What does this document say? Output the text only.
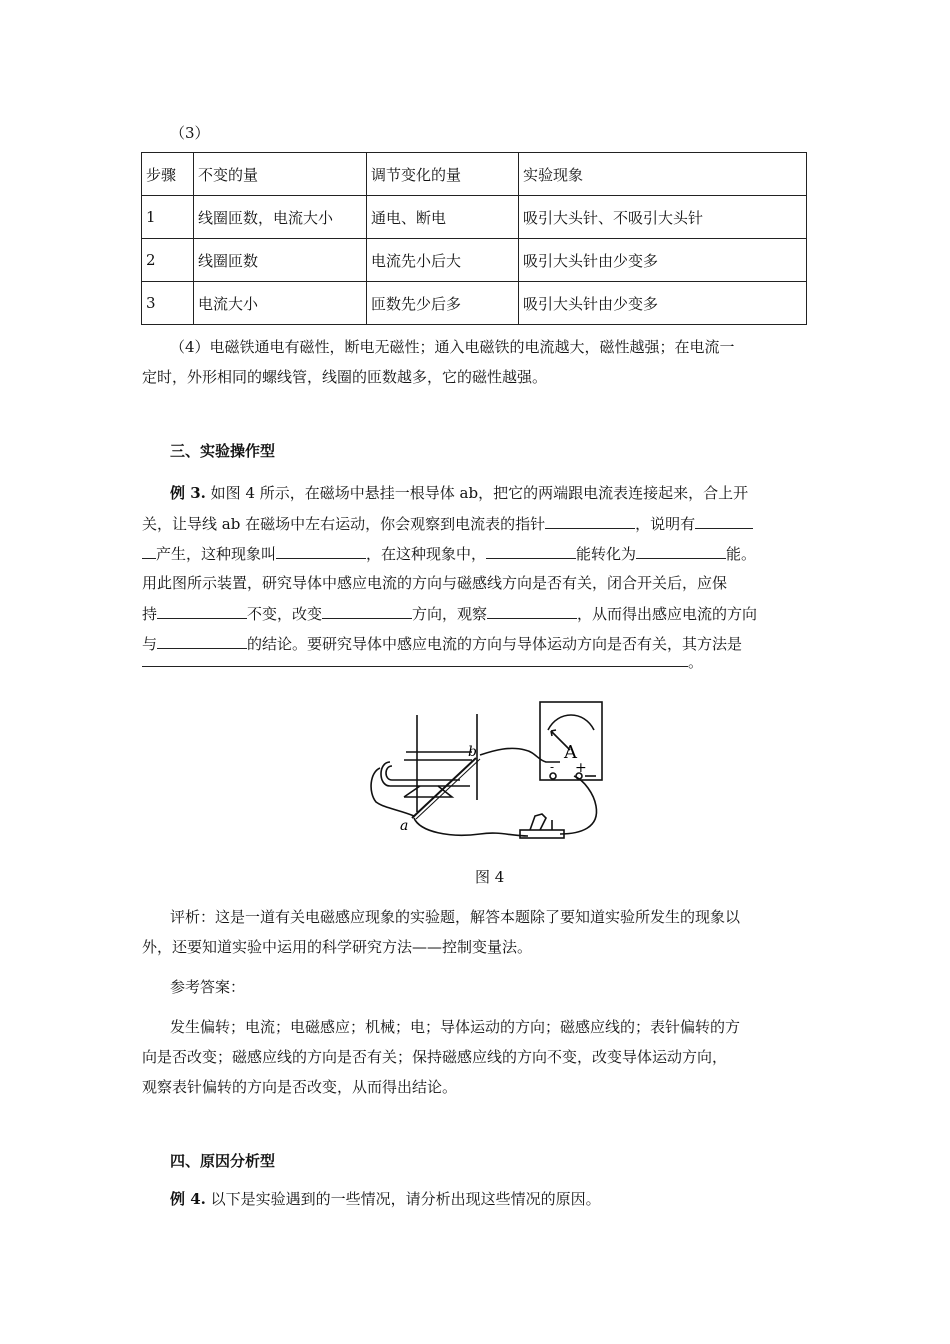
（3）
步骤	不变的量	调节变化的量	实验现象
1	线圈匝数，电流大小	通电、断电	吸引大头针、不吸引大头针
2	线圈匝数	电流先小后大	吸引大头针由少变多
3	电流大小	匝数先少后多	吸引大头针由少变多
（4）电磁铁通电有磁性，断电无磁性；通入电磁铁的电流越大，磁性越强；在电流一
定时，外形相同的螺线管，线圈的匝数越多，它的磁性越强。
三、实验操作型
例 3. 如图 4 所示，在磁场中悬挂一根导体 ab，把它的两端跟电流表连接起来，合上开
关，让导线 ab 在磁场中左右运动，你会观察到电流表的指针	，说明有
产生，这种现象叫	，在这种现象中，	能转化为	能。
用此图所示装置，研究导体中感应电流的方向与磁感线方向是否有关，闭合开关后，应保
持	不变，改变	方向，观察	，从而得出感应电流的方向
与	的结论。要研究导体中感应电流的方向与导体运动方向是否有关，其方法是
。
b
a
A
- +
图 4
评析：这是一道有关电磁感应现象的实验题，解答本题除了要知道实验所发生的现象以
外，还要知道实验中运用的科学研究方法——控制变量法。
参考答案：
发生偏转；电流；电磁感应；机械；电；导体运动的方向；磁感应线的；表针偏转的方
向是否改变；磁感应线的方向是否有关；保持磁感应线的方向不变，改变导体运动方向，
观察表针偏转的方向是否改变，从而得出结论。
四、原因分析型
例 4. 以下是实验遇到的一些情况，请分析出现这些情况的原因。
